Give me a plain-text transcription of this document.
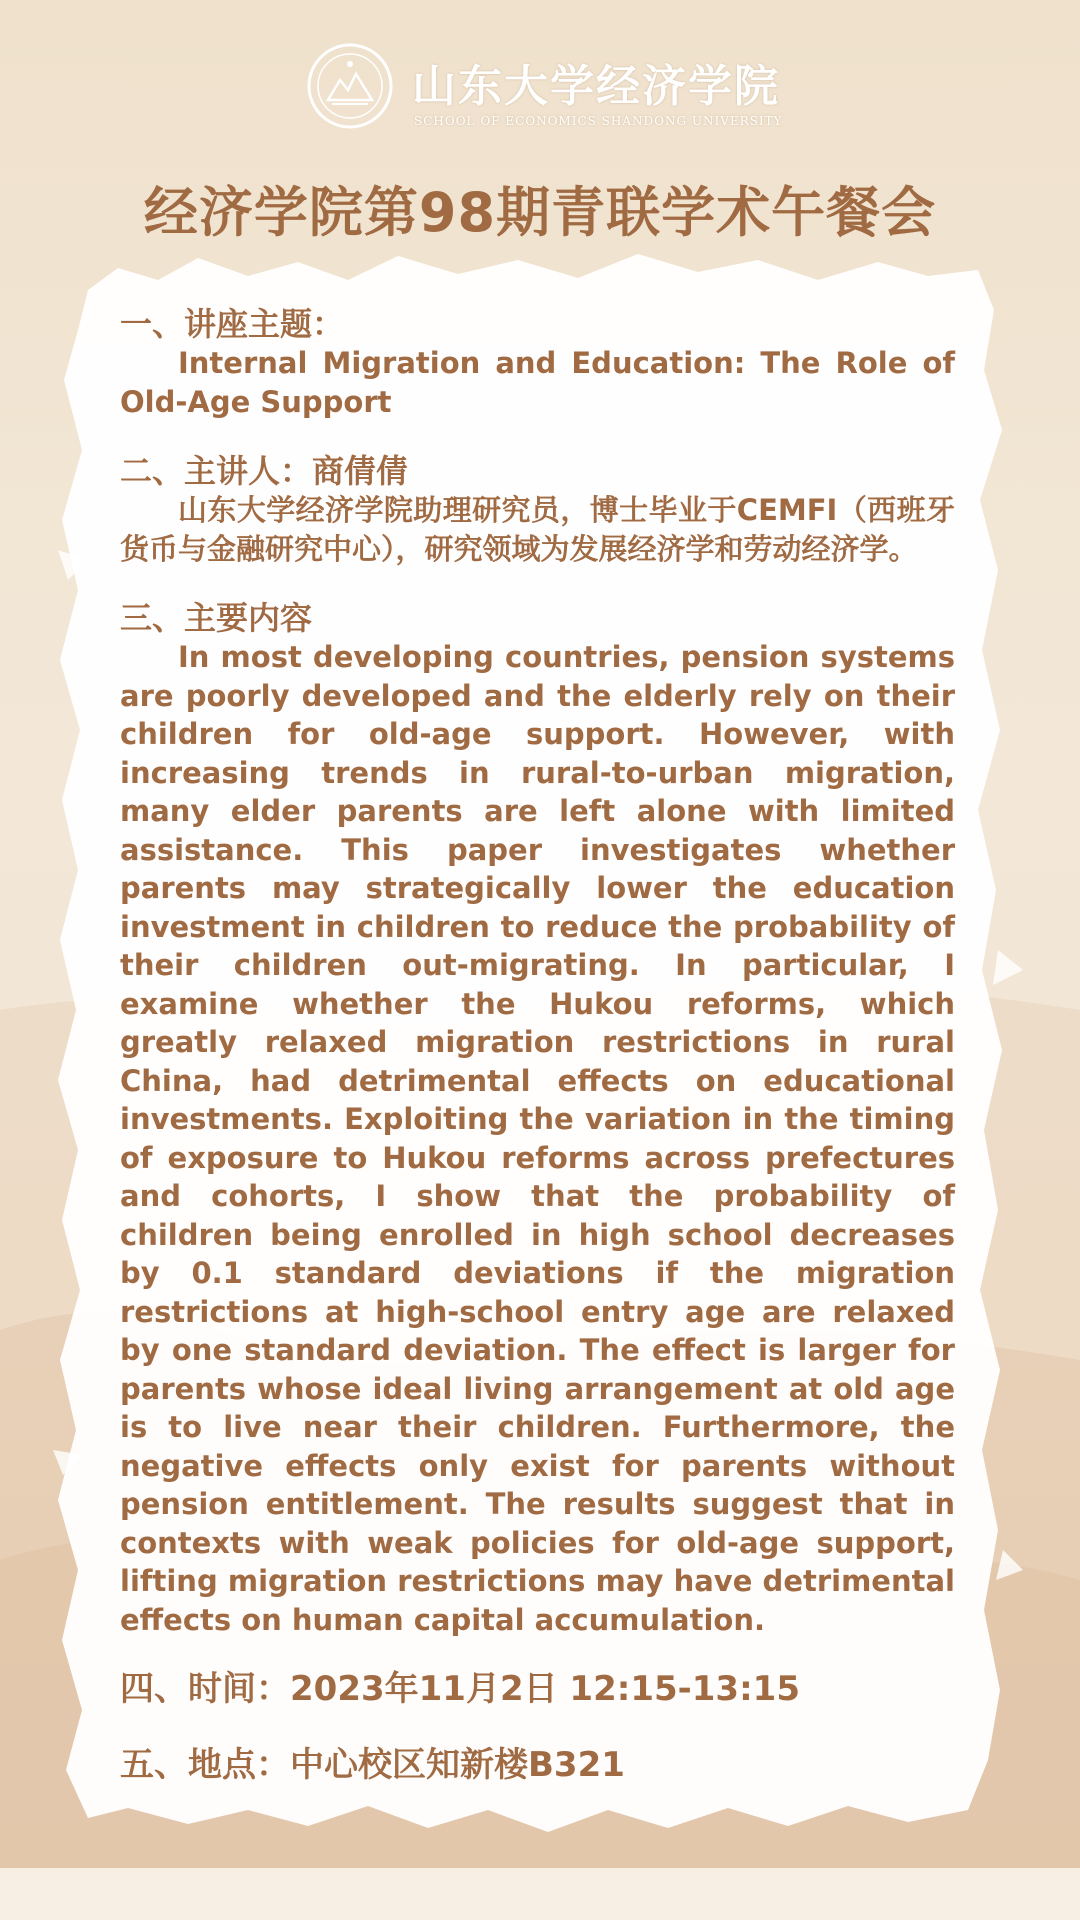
山东大学经济学院
SCHOOL OF ECONOMICS SHANDONG UNIVERSITY
经济学院第98期青联学术午餐会

一、讲座主题：

Internal Migration and Education: The Role of Old-Age Support

二、主讲人：商倩倩

山东大学经济学院助理研究员，博士毕业于CEMFI（西班牙货币与金融研究中心），研究领域为发展经济学和劳动经济学。

三、主要内容

In most developing countries, pension systems are poorly developed and the elderly rely on their children for old-age support. However, with increasing trends in rural-to-urban migration, many elder parents are left alone with limited assistance. This paper investigates whether parents may strategically lower the education investment in children to reduce the probability of their children out-migrating. In particular, I examine whether the Hukou reforms, which greatly relaxed migration restrictions in rural China, had detrimental effects on educational investments. Exploiting the variation in the timing of exposure to Hukou reforms across prefectures and cohorts, I show that the probability of children being enrolled in high school decreases by 0.1 standard deviations if the migration restrictions at high-school entry age are relaxed by one standard deviation. The effect is larger for parents whose ideal living arrangement at old age is to live near their children. Furthermore, the negative effects only exist for parents without pension entitlement. The results suggest that in contexts with weak policies for old-age support, lifting migration restrictions may have detrimental effects on human capital accumulation.

四、时间：2023年11月2日 12:15-13:15

五、地点：中心校区知新楼B321
